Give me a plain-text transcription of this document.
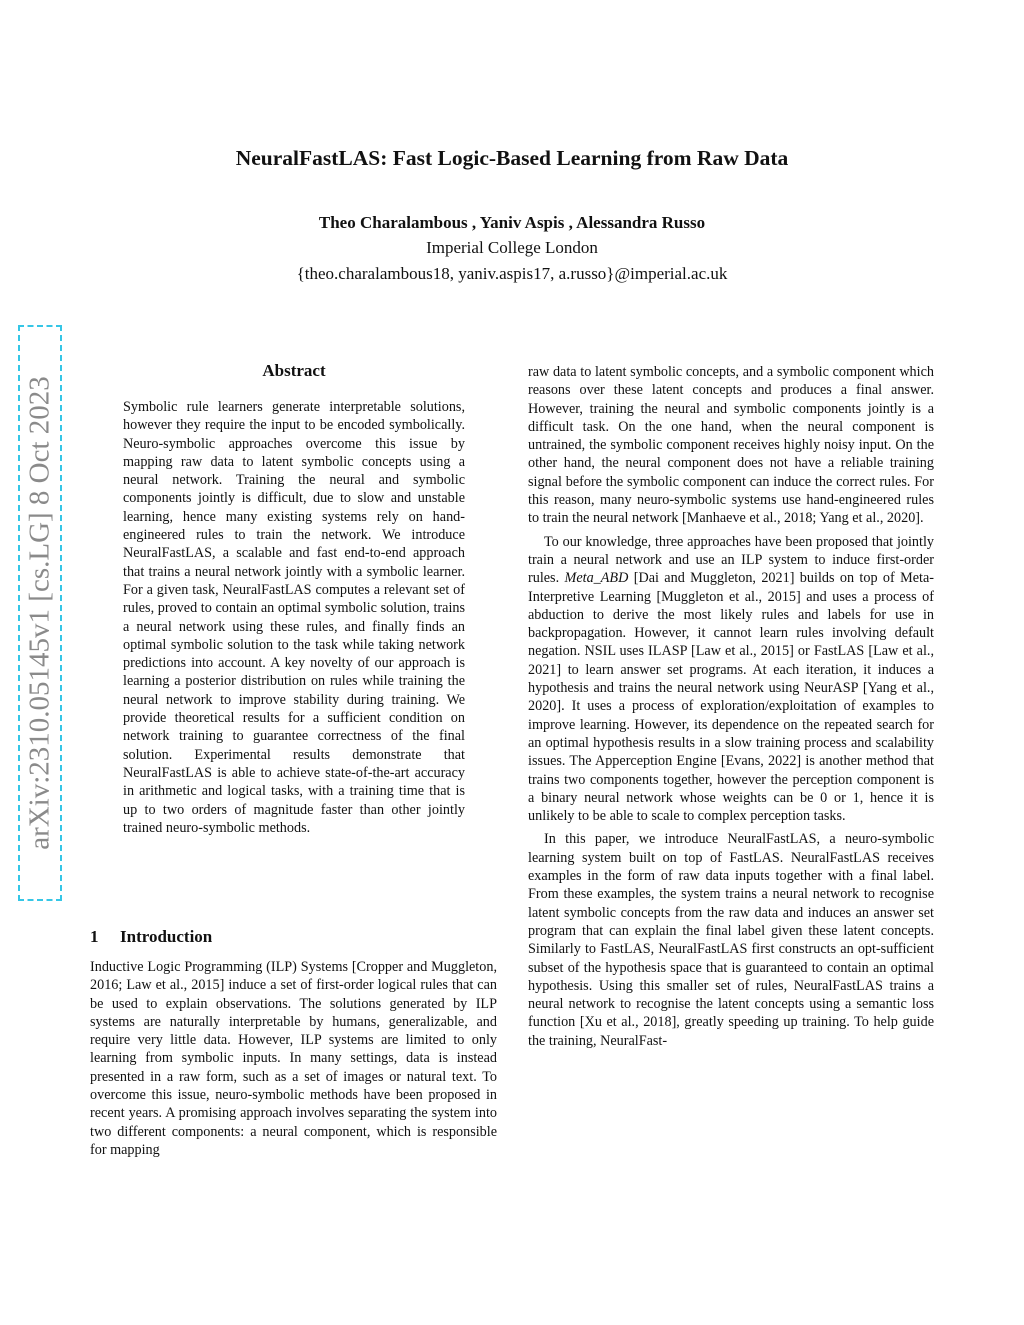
NeuralFastLAS: Fast Logic-Based Learning from Raw Data
Theo Charalambous , Yaniv Aspis , Alessandra Russo
Imperial College London
{theo.charalambous18, yaniv.aspis17, a.russo}@imperial.ac.uk
arXiv:2310.05145v1 [cs.LG] 8 Oct 2023
Abstract
Symbolic rule learners generate interpretable solutions, however they require the input to be encoded symbolically. Neuro-symbolic approaches overcome this issue by mapping raw data to latent symbolic concepts using a neural network. Training the neural and symbolic components jointly is difficult, due to slow and unstable learning, hence many existing systems rely on hand-engineered rules to train the network. We introduce NeuralFastLAS, a scalable and fast end-to-end approach that trains a neural network jointly with a symbolic learner. For a given task, NeuralFastLAS computes a relevant set of rules, proved to contain an optimal symbolic solution, trains a neural network using these rules, and finally finds an optimal symbolic solution to the task while taking network predictions into account. A key novelty of our approach is learning a posterior distribution on rules while training the neural network to improve stability during training. We provide theoretical results for a sufficient condition on network training to guarantee correctness of the final solution. Experimental results demonstrate that NeuralFastLAS is able to achieve state-of-the-art accuracy in arithmetic and logical tasks, with a training time that is up to two orders of magnitude faster than other jointly trained neuro-symbolic methods.
1 Introduction
Inductive Logic Programming (ILP) Systems [Cropper and Muggleton, 2016; Law et al., 2015] induce a set of first-order logical rules that can be used to explain observations. The solutions generated by ILP systems are naturally interpretable by humans, generalizable, and require very little data. However, ILP systems are limited to only learning from symbolic inputs. In many settings, data is instead presented in a raw form, such as a set of images or natural text. To overcome this issue, neuro-symbolic methods have been proposed in recent years. A promising approach involves separating the system into two different components: a neural component, which is responsible for mapping

raw data to latent symbolic concepts, and a symbolic component which reasons over these latent concepts and produces a final answer. However, training the neural and symbolic components jointly is a difficult task. On the one hand, when the neural component is untrained, the symbolic component receives highly noisy input. On the other hand, the neural component does not have a reliable training signal before the symbolic component can induce the correct rules. For this reason, many neuro-symbolic systems use hand-engineered rules to train the neural network [Manhaeve et al., 2018; Yang et al., 2020].

To our knowledge, three approaches have been proposed that jointly train a neural network and use an ILP system to induce first-order rules. Meta_ABD [Dai and Muggleton, 2021] builds on top of Meta-Interpretive Learning [Muggleton et al., 2015] and uses a process of abduction to derive the most likely rules and labels for use in backpropagation. However, it cannot learn rules involving default negation. NSIL uses ILASP [Law et al., 2015] or FastLAS [Law et al., 2021] to learn answer set programs. At each iteration, it induces a hypothesis and trains the neural network using NeurASP [Yang et al., 2020]. It uses a process of exploration/exploitation of examples to improve learning. However, its dependence on the repeated search for an optimal hypothesis results in a slow training process and scalability issues. The Apperception Engine [Evans, 2022] is another method that trains two components together, however the perception component is a binary neural network whose weights can be 0 or 1, hence it is unlikely to be able to scale to complex perception tasks.

In this paper, we introduce NeuralFastLAS, a neuro-symbolic learning system built on top of FastLAS. NeuralFastLAS receives examples in the form of raw data inputs together with a final label. From these examples, the system trains a neural network to recognise latent symbolic concepts from the raw data and induces an answer set program that can explain the final label given these latent concepts. Similarly to FastLAS, NeuralFastLAS first constructs an opt-sufficient subset of the hypothesis space that is guaranteed to contain an optimal hypothesis. Using this smaller set of rules, NeuralFastLAS trains a neural network to recognise the latent concepts using a semantic loss function [Xu et al., 2018], greatly speeding up training. To help guide the training, NeuralFast-
